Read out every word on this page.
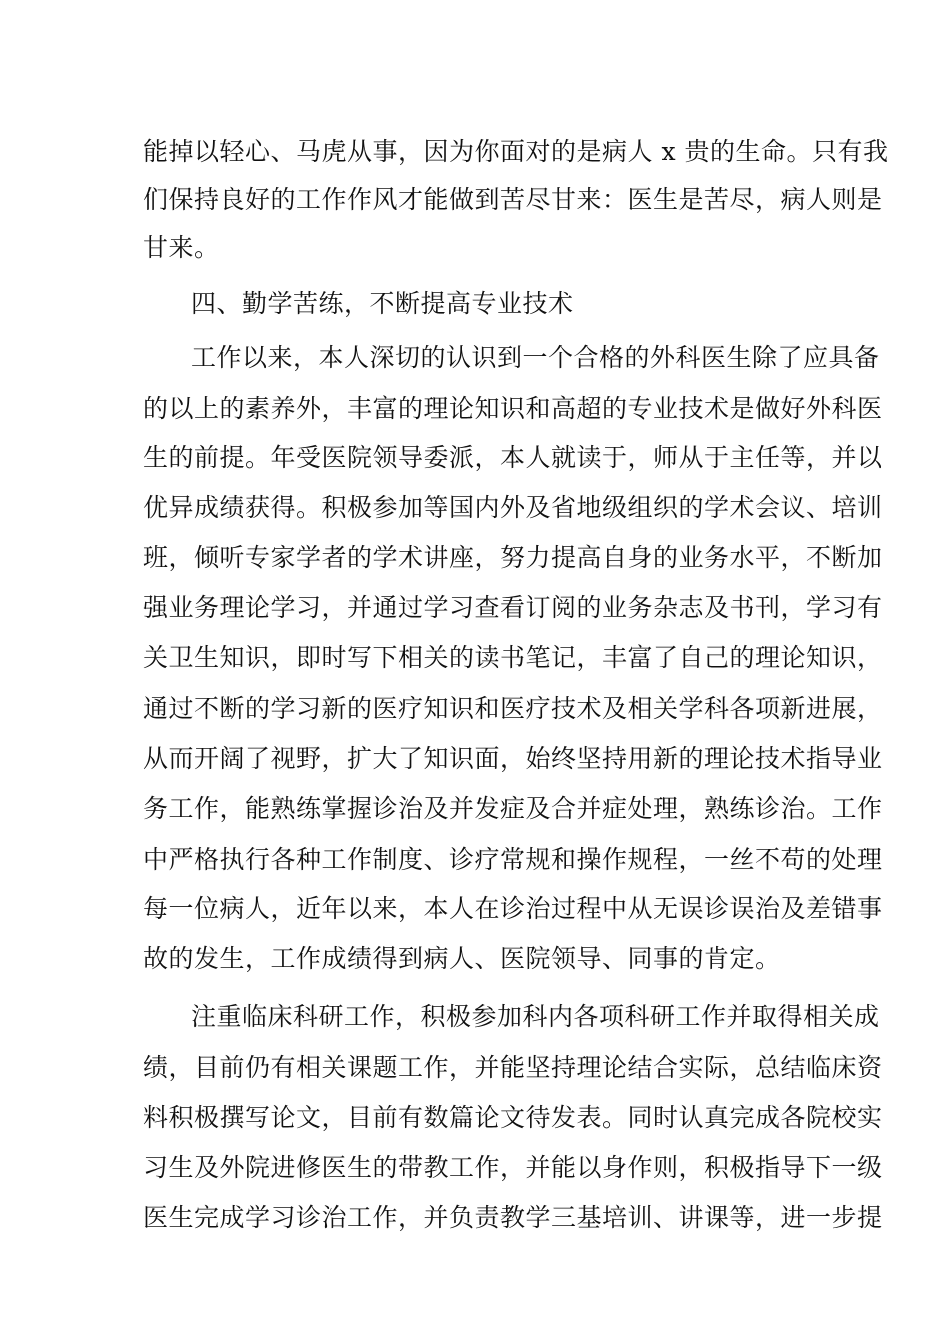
能掉以轻心、马虎从事，因为你面对的是病人 x 贵的生命。只有我
们保持良好的工作作风才能做到苦尽甘来：医生是苦尽，病人则是
甘来。
四、勤学苦练，不断提高专业技术
工作以来，本人深切的认识到一个合格的外科医生除了应具备
的以上的素养外，丰富的理论知识和高超的专业技术是做好外科医
生的前提。年受医院领导委派，本人就读于，师从于主任等，并以
优异成绩获得。积极参加等国内外及省地级组织的学术会议、培训
班，倾听专家学者的学术讲座，努力提高自身的业务水平，不断加
强业务理论学习，并通过学习查看订阅的业务杂志及书刊，学习有
关卫生知识，即时写下相关的读书笔记，丰富了自己的理论知识，
通过不断的学习新的医疗知识和医疗技术及相关学科各项新进展，
从而开阔了视野，扩大了知识面，始终坚持用新的理论技术指导业
务工作，能熟练掌握诊治及并发症及合并症处理，熟练诊治。工作
中严格执行各种工作制度、诊疗常规和操作规程，一丝不苟的处理
每一位病人，近年以来，本人在诊治过程中从无误诊误治及差错事
故的发生，工作成绩得到病人、医院领导、同事的肯定。
注重临床科研工作，积极参加科内各项科研工作并取得相关成
绩，目前仍有相关课题工作，并能坚持理论结合实际，总结临床资
料积极撰写论文，目前有数篇论文待发表。同时认真完成各院校实
习生及外院进修医生的带教工作，并能以身作则，积极指导下一级
医生完成学习诊治工作，并负责教学三基培训、讲课等，进一步提
